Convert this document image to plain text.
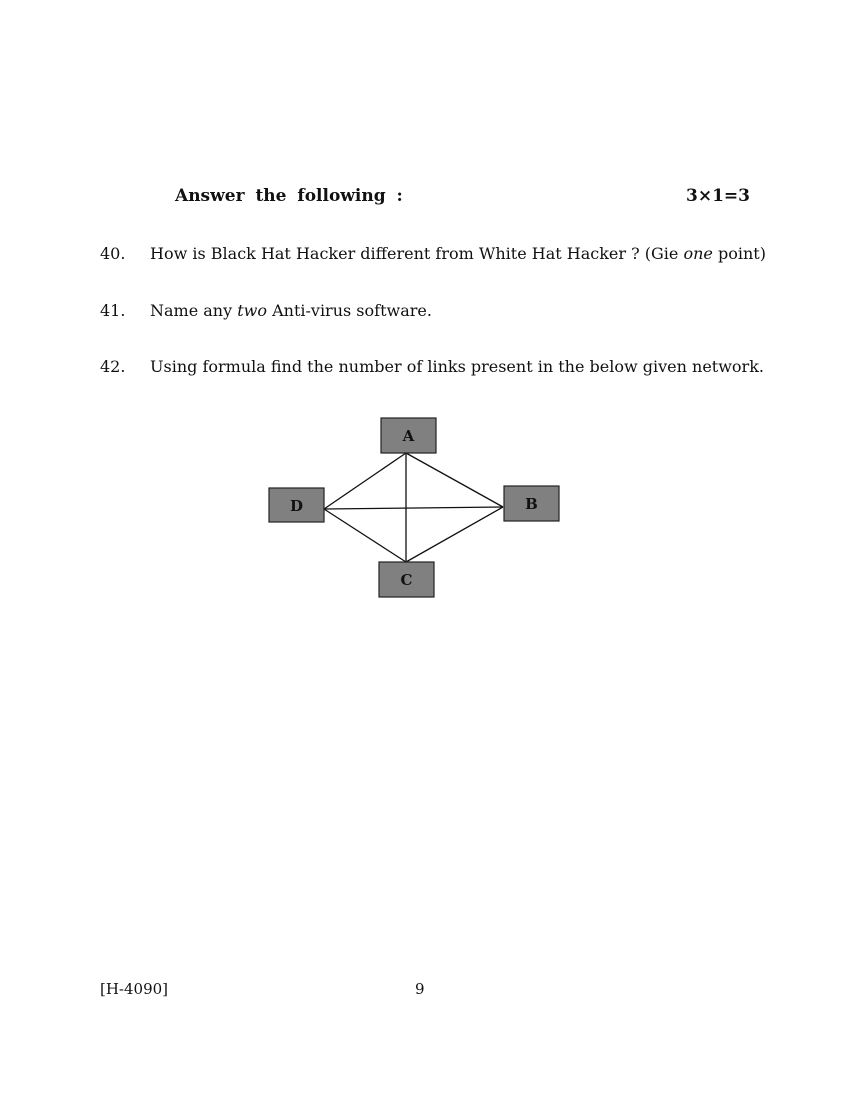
Answer the following :	3×1=3
40. How is Black Hat Hacker different from White Hat Hacker ? (Gie one point)
41. Name any two Anti-virus software.
42. Using formula find the number of links present in the below given network.
A
B
C
D
[H-4090]	9
